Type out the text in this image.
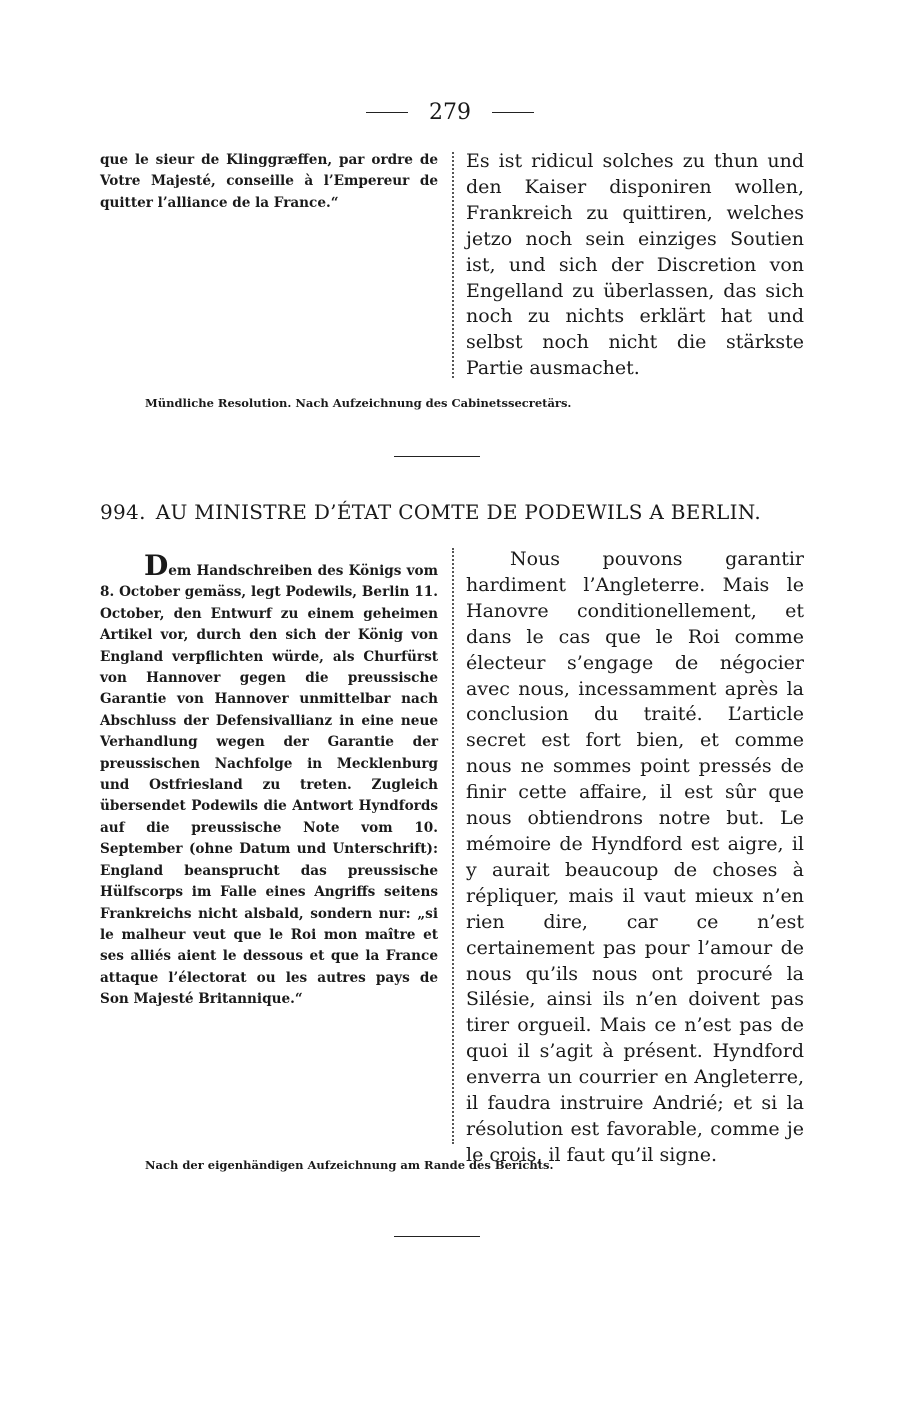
279
que le sieur de Klinggræffen, par ordre de Votre Majesté, conseille à l’Empereur de quitter l’alliance de la France.“
Es ist ridicul solches zu thun und den Kaiser disponiren wollen, Frankreich zu quittiren, welches jetzo noch sein einziges Soutien ist, und sich der Discretion von Engelland zu überlassen, das sich noch zu nichts erklärt hat und selbst noch nicht die stärkste Partie ausmachet.
Mündliche Resolution. Nach Aufzeichnung des Cabinetssecretärs.
994. AU MINISTRE D’ÉTAT COMTE DE PODEWILS A BERLIN.
Dem Handschreiben des Königs vom 8. October gemäss, legt Podewils, Berlin 11. October, den Entwurf zu einem geheimen Artikel vor, durch den sich der König von England verpflichten würde, als Churfürst von Hannover gegen die preussische Garantie von Hannover unmittelbar nach Abschluss der Defensivallianz in eine neue Verhandlung wegen der Garantie der preussischen Nachfolge in Mecklenburg und Ostfriesland zu treten. Zugleich übersendet Podewils die Antwort Hyndfords auf die preussische Note vom 10. September (ohne Datum und Unterschrift): England beansprucht das preussische Hülfscorps im Falle eines Angriffs seitens Frankreichs nicht alsbald, sondern nur: „si le malheur veut que le Roi mon maître et ses alliés aient le dessous et que la France attaque l’électorat ou les autres pays de Son Majesté Britannique.“
Nous pouvons garantir hardiment l’Angleterre. Mais le Hanovre conditionellement, et dans le cas que le Roi comme électeur s’engage de négocier avec nous, incessamment après la conclusion du traité. L’article secret est fort bien, et comme nous ne sommes point pressés de finir cette affaire, il est sûr que nous obtiendrons notre but. Le mémoire de Hyndford est aigre, il y aurait beaucoup de choses à répliquer, mais il vaut mieux n’en rien dire, car ce n’est certainement pas pour l’amour de nous qu’ils nous ont procuré la Silésie, ainsi ils n’en doivent pas tirer orgueil. Mais ce n’est pas de quoi il s’agit à présent. Hyndford enverra un courrier en Angleterre, il faudra instruire Andrié; et si la résolution est favorable, comme je le crois, il faut qu’il signe.
Nach der eigenhändigen Aufzeichnung am Rande des Berichts.
